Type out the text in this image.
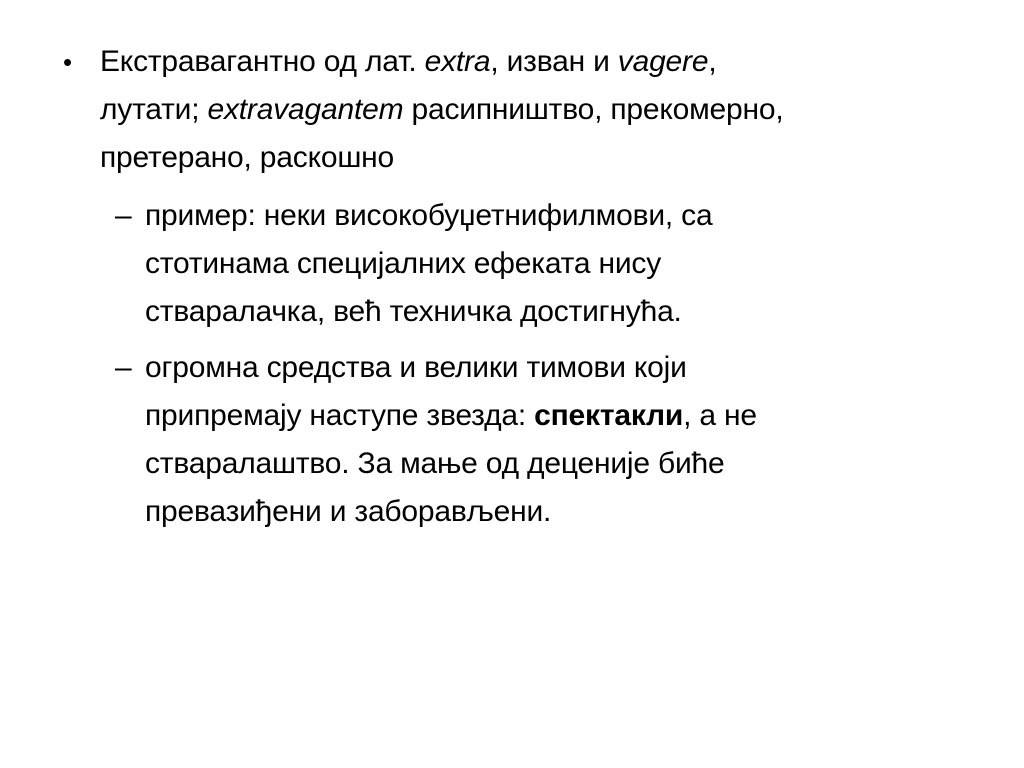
• Екстравагантно од лат. extra, изван и vagere,
лутати; extravagantem расипништво, прекомерно,
претерано, раскошно
– пример: неки високобуџетнифилмови, са
стотинама специјалних ефеката нису
стваралачка, већ техничка достигнућа.
– огромна средства и велики тимови који
припремају наступе звезда: спектакли, а не
стваралаштво. За мање од деценије биће
превазиђени и заборављени.
